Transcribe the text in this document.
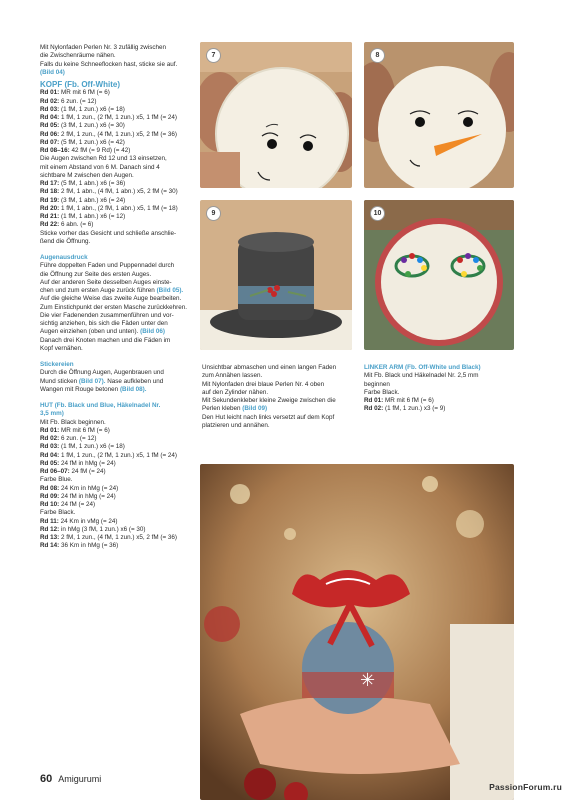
Mit Nylonfaden Perlen Nr. 3 zufällig zwischen

die Zwischenräume nähen.

Falls du keine Schneeflocken hast, sticke sie auf.

(Bild 04)

KOPF (Fb. Off-White)

Rd 01: MR mit 6 fM (= 6)

Rd 02: 6 zun. (= 12)

Rd 03: (1 fM, 1 zun.) x6 (= 18)

Rd 04: 1 fM, 1 zun., (2 fM, 1 zun.) x5, 1 fM (= 24)

Rd 05: (3 fM, 1 zun.) x6 (= 30)

Rd 06: 2 fM, 1 zun., (4 fM, 1 zun.) x5, 2 fM (= 36)

Rd 07: (5 fM, 1 zun.) x6 (= 42)

Rd 08–16: 42 fM (= 9 Rd) (= 42)

Die Augen zwischen Rd 12 und 13 einsetzen,

mit einem Abstand von 6 M. Danach sind 4

sichtbare M zwischen den Augen.

Rd 17: (5 fM, 1 abn.) x6 (= 36)

Rd 18: 2 fM, 1 abn., (4 fM, 1 abn.) x5, 2 fM (= 30)

Rd 19: (3 fM, 1 abn.) x6 (= 24)

Rd 20: 1 fM, 1 abn., (2 fM, 1 abn.) x5, 1 fM (= 18)

Rd 21: (1 fM, 1 abn.) x6 (= 12)

Rd 22: 6 abn. (= 6)

Sticke vorher das Gesicht und schließe anschlie-

ßend die Öffnung.

Augenausdruck

Führe doppelten Faden und Puppennadel durch

die Öffnung zur Seite des ersten Auges.

Auf der anderen Seite desselben Auges einste-

chen und zum ersten Auge zurück führen (Bild 05).

Auf die gleiche Weise das zweite Auge bearbeiten.

Zum Einstichpunkt der ersten Masche zurückkehren.

Die vier Fadenenden zusammenführen und vor-

sichtig anziehen, bis sich die Fäden unter den

Augen einziehen (oben und unten). (Bild 06)

Danach drei Knoten machen und die Fäden im

Kopf vernähen.

Stickereien

Durch die Öffnung Augen, Augenbrauen und

Mund sticken (Bild 07). Nase aufkleben und

Wangen mit Rouge betonen (Bild 08).

HUT (Fb. Black und Blue, Häkelnadel Nr.

3,5 mm)

Mit Fb. Black beginnen.

Rd 01: MR mit 6 fM (= 6)

Rd 02: 6 zun. (= 12)

Rd 03: (1 fM, 1 zun.) x6 (= 18)

Rd 04: 1 fM, 1 zun., (2 fM, 1 zun.) x5, 1 fM (= 24)

Rd 05: 24 fM in hMg (= 24)

Rd 06–07: 24 fM (= 24)

Farbe Blue.

Rd 08: 24 Km in hMg (= 24)

Rd 09: 24 fM in hMg (= 24)

Rd 10: 24 fM (= 24)

Farbe Black.

Rd 11: 24 Km in vMg (= 24)

Rd 12: in hMg (3 fM, 1 zun.) x6 (= 30)

Rd 13: 2 fM, 1 zun., (4 fM, 1 zun.) x5, 2 fM (= 36)

Rd 14: 36 Km in hMg (= 36)

7	8
9	10

Unsichtbar abmaschen und einen langen Faden

zum Annähen lassen.

Mit Nylonfaden drei blaue Perlen Nr. 4 oben

auf den Zylinder nähen.

Mit Sekundenkleber kleine Zweige zwischen die

Perlen kleben (Bild 09)

Den Hut leicht nach links versetzt auf dem Kopf

platzieren und annähen.

LINKER ARM (Fb. Off-White und Black)

Mit Fb. Black und Häkelnadel Nr. 2,5 mm

beginnen

Farbe Black.

Rd 01: MR mit 6 fM (= 6)

Rd 02: (1 fM, 1 zun.) x3 (= 9)

✳
60 Amigurumi
PassionForum.ru
